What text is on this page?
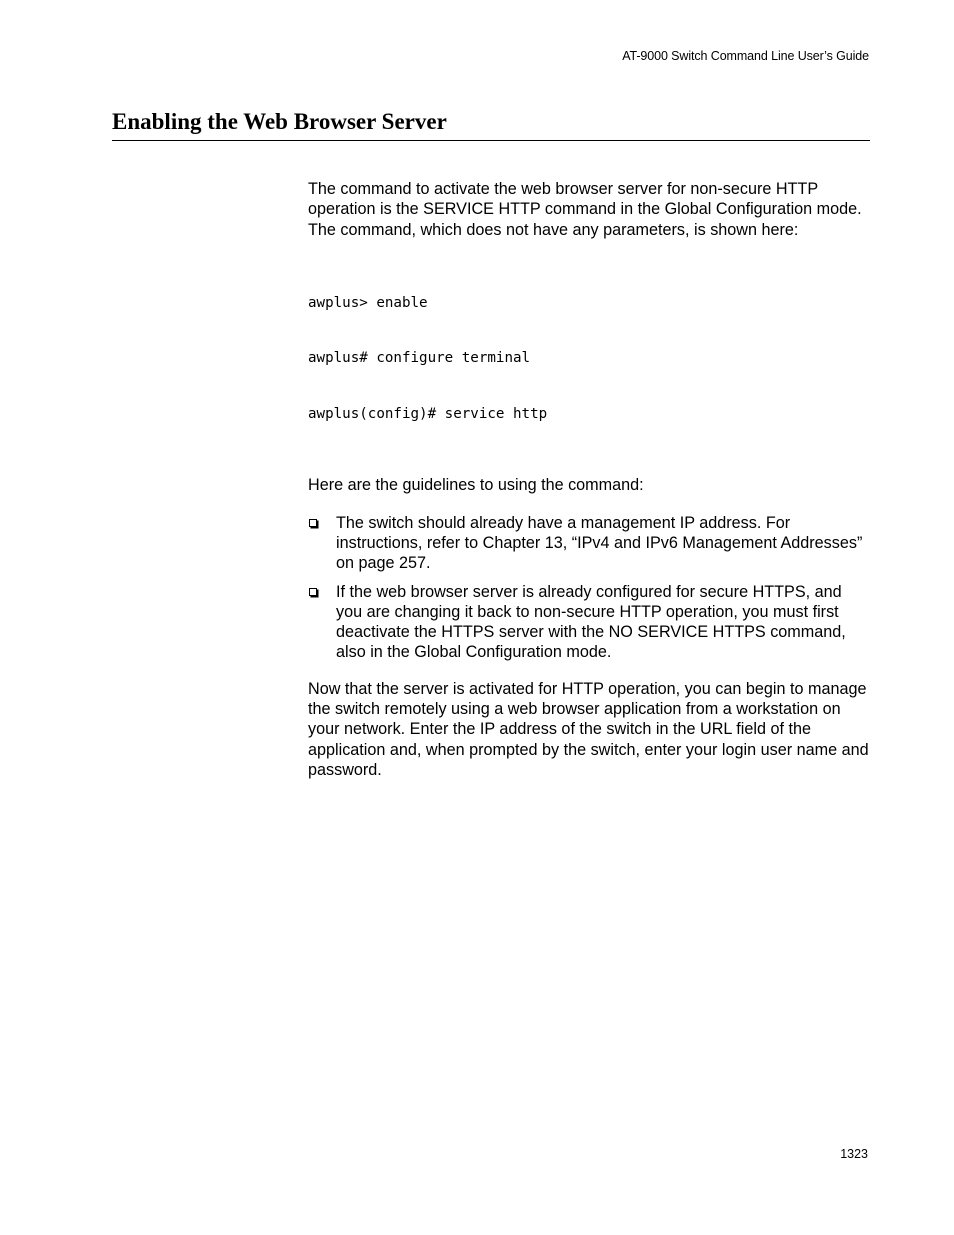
AT-9000 Switch Command Line User’s Guide
Enabling the Web Browser Server

The command to activate the web browser server for non-secure HTTP operation is the SERVICE HTTP command in the Global Configuration mode. The command, which does not have any parameters, is shown here:

awplus> enable

awplus# configure terminal

awplus(config)# service http

Here are the guidelines to using the command:

The switch should already have a management IP address. For instructions, refer to Chapter 13, “IPv4 and IPv6 Management Addresses” on page 257.
If the web browser server is already configured for secure HTTPS, and you are changing it back to non-secure HTTP operation, you must first deactivate the HTTPS server with the NO SERVICE HTTPS command, also in the Global Configuration mode.

Now that the server is activated for HTTP operation, you can begin to manage the switch remotely using a web browser application from a workstation on your network. Enter the IP address of the switch in the URL field of the application and, when prompted by the switch, enter your login user name and password.

1323
